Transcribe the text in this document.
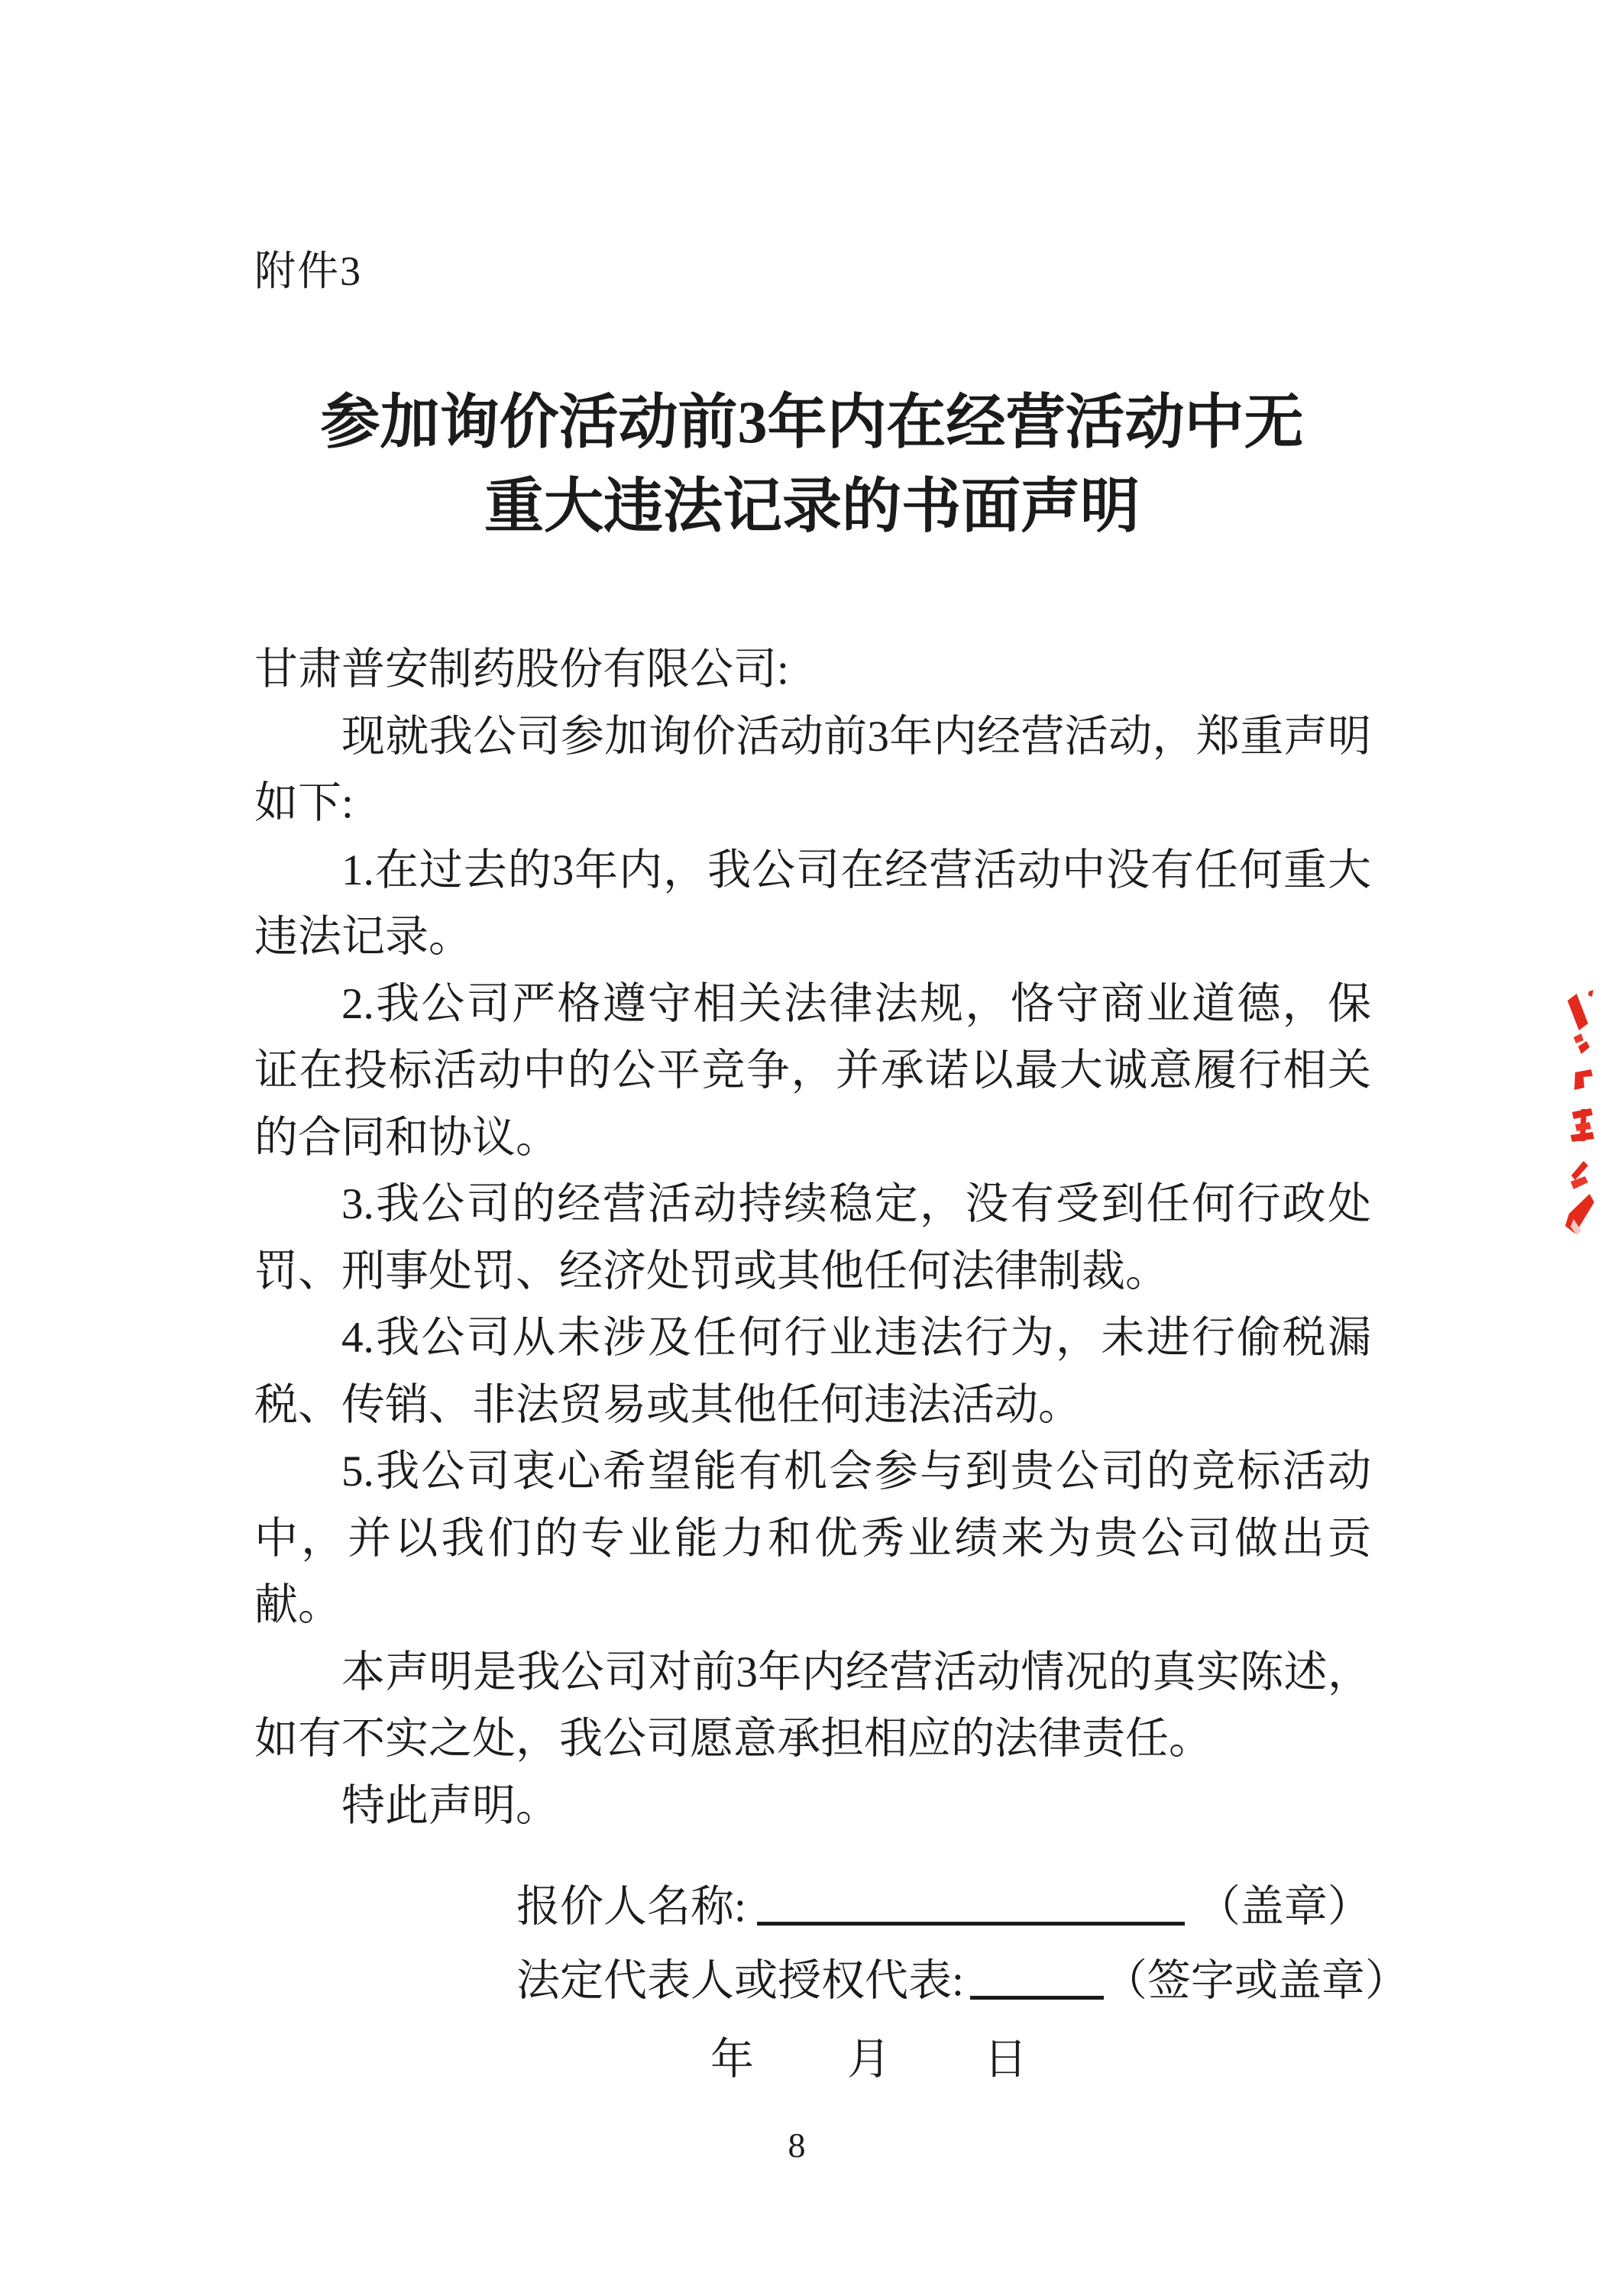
附件3
参加询价活动前3年内在经营活动中无
重大违法记录的书面声明

甘肃普安制药股份有限公司:

现就我公司参加询价活动前3年内经营活动，郑重声明如下:

1.在过去的3年内，我公司在经营活动中没有任何重大违法记录。

2.我公司严格遵守相关法律法规，恪守商业道德，保证在投标活动中的公平竞争，并承诺以最大诚意履行相关的合同和协议。

3.我公司的经营活动持续稳定，没有受到任何行政处罚、刑事处罚、经济处罚或其他任何法律制裁。

4.我公司从未涉及任何行业违法行为，未进行偷税漏税、传销、非法贸易或其他任何违法活动。

5.我公司衷心希望能有机会参与到贵公司的竞标活动中，并以我们的专业能力和优秀业绩来为贵公司做出贡献。

本声明是我公司对前3年内经营活动情况的真实陈述，如有不实之处，我公司愿意承担相应的法律责任。

特此声明。

报价人名称:	（盖章）
法定代表人或授权代表:	（签字或盖章）
年 月 日
8
